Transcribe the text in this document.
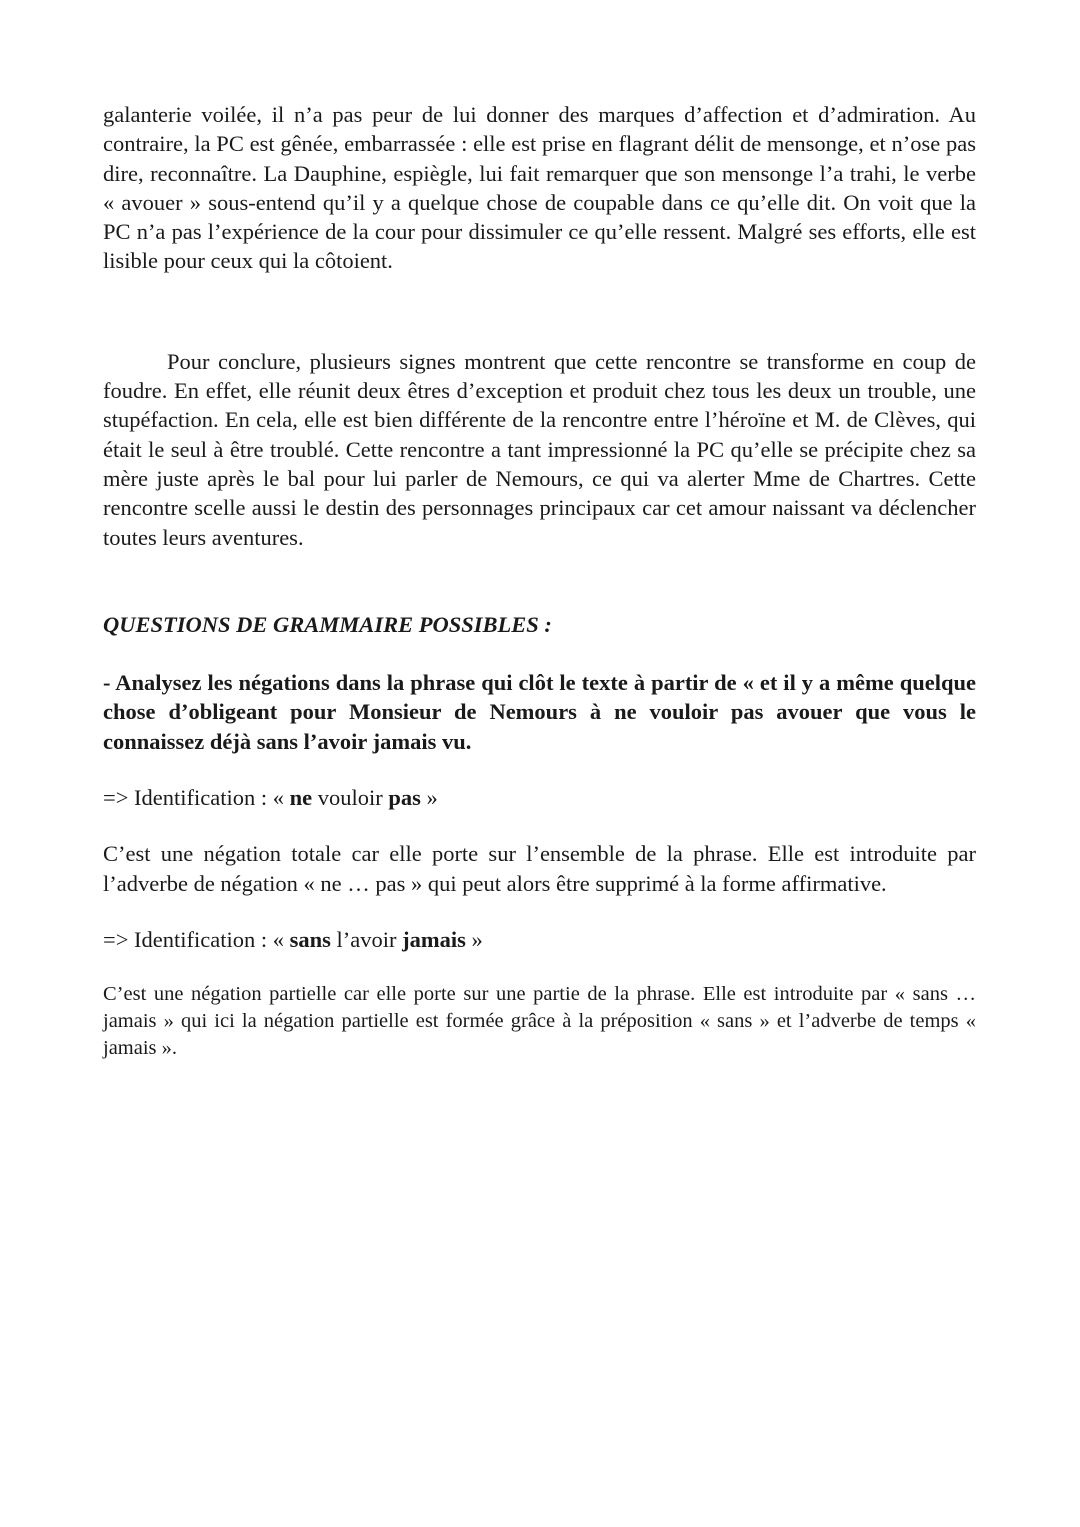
galanterie voilée, il n’a pas peur de lui donner des marques d’affection et d’admiration. Au contraire, la PC est gênée, embarrassée : elle est prise en flagrant délit de mensonge, et n’ose pas dire, reconnaître. La Dauphine, espiègle, lui fait remarquer que son mensonge l’a trahi, le verbe « avouer » sous-entend qu’il y a quelque chose de coupable dans ce qu’elle dit. On voit que la PC n’a pas l’expérience de la cour pour dissimuler ce qu’elle ressent. Malgré ses efforts, elle est lisible pour ceux qui la côtoient.

Pour conclure, plusieurs signes montrent que cette rencontre se transforme en coup de foudre. En effet, elle réunit deux êtres d’exception et produit chez tous les deux un trouble, une stupéfaction. En cela, elle est bien différente de la rencontre entre l’héroïne et M. de Clèves, qui était le seul à être troublé. Cette rencontre a tant impressionné la PC qu’elle se précipite chez sa mère juste après le bal pour lui parler de Nemours, ce qui va alerter Mme de Chartres. Cette rencontre scelle aussi le destin des personnages principaux car cet amour naissant va déclencher toutes leurs aventures.

QUESTIONS DE GRAMMAIRE POSSIBLES :

- Analysez les négations dans la phrase qui clôt le texte à partir de « et il y a même quelque chose d’obligeant pour Monsieur de Nemours à ne vouloir pas avouer que vous le connaissez déjà sans l’avoir jamais vu.

=> Identification : « ne vouloir pas »

C’est une négation totale car elle porte sur l’ensemble de la phrase. Elle est introduite par l’adverbe de négation « ne … pas » qui peut alors être supprimé à la forme affirmative.

=> Identification : « sans l’avoir jamais »

C’est une négation partielle car elle porte sur une partie de la phrase. Elle est introduite par « sans … jamais » qui ici la négation partielle est formée grâce à la préposition « sans » et l’adverbe de temps « jamais ».
